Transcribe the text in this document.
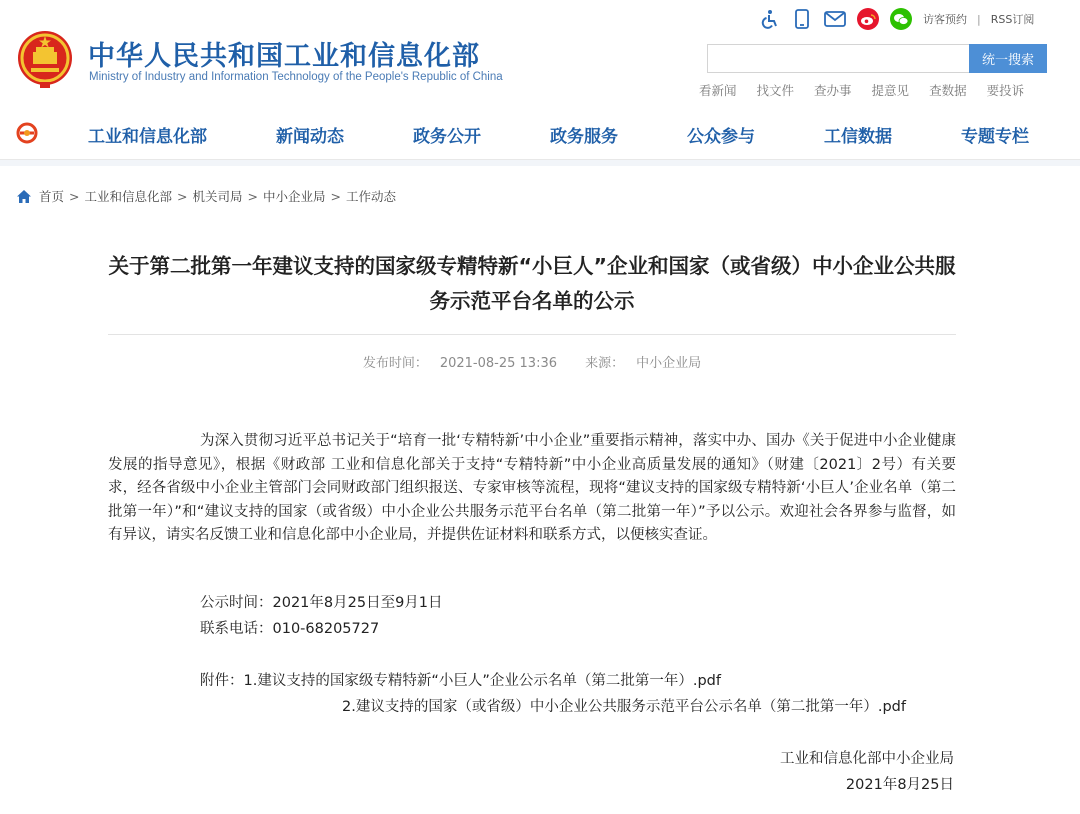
中华人民共和国工业和信息化部
Ministry of Industry and Information Technology of the People's Republic of China
访客预约 | RSS订阅
统一搜索
看新闻 找文件 查办事 提意见 查数据 要投诉
工业和信息化部	新闻动态	政务公开	政务服务	公众参与	工信数据	专题专栏
首页 > 工业和信息化部 > 机关司局 > 中小企业局 > 工作动态
关于第二批第一年建议支持的国家级专精特新“小巨人”企业和国家（或省级）中小企业公共服务示范平台名单的公示
发布时间： 2021-08-25 13:36 来源： 中小企业局

为深入贯彻习近平总书记关于“培育一批‘专精特新’中小企业”重要指示精神，落实中办、国办《关于促进中小企业健康发展的指导意见》，根据《财政部 工业和信息化部关于支持“专精特新”中小企业高质量发展的通知》（财建〔2021〕2号）有关要求，经各省级中小企业主管部门会同财政部门组织报送、专家审核等流程，现将“建议支持的国家级专精特新‘小巨人’企业名单（第二批第一年）”和“建议支持的国家（或省级）中小企业公共服务示范平台名单（第二批第一年）”予以公示。欢迎社会各界参与监督，如有异议，请实名反馈工业和信息化部中小企业局，并提供佐证材料和联系方式，以便核实查证。

公示时间：2021年8月25日至9月1日
联系电话：010-68205727
附件：1.建议支持的国家级专精特新“小巨人”企业公示名单（第二批第一年）.pdf
2.建议支持的国家（或省级）中小企业公共服务示范平台公示名单（第二批第一年）.pdf
工业和信息化部中小企业局
2021年8月25日
